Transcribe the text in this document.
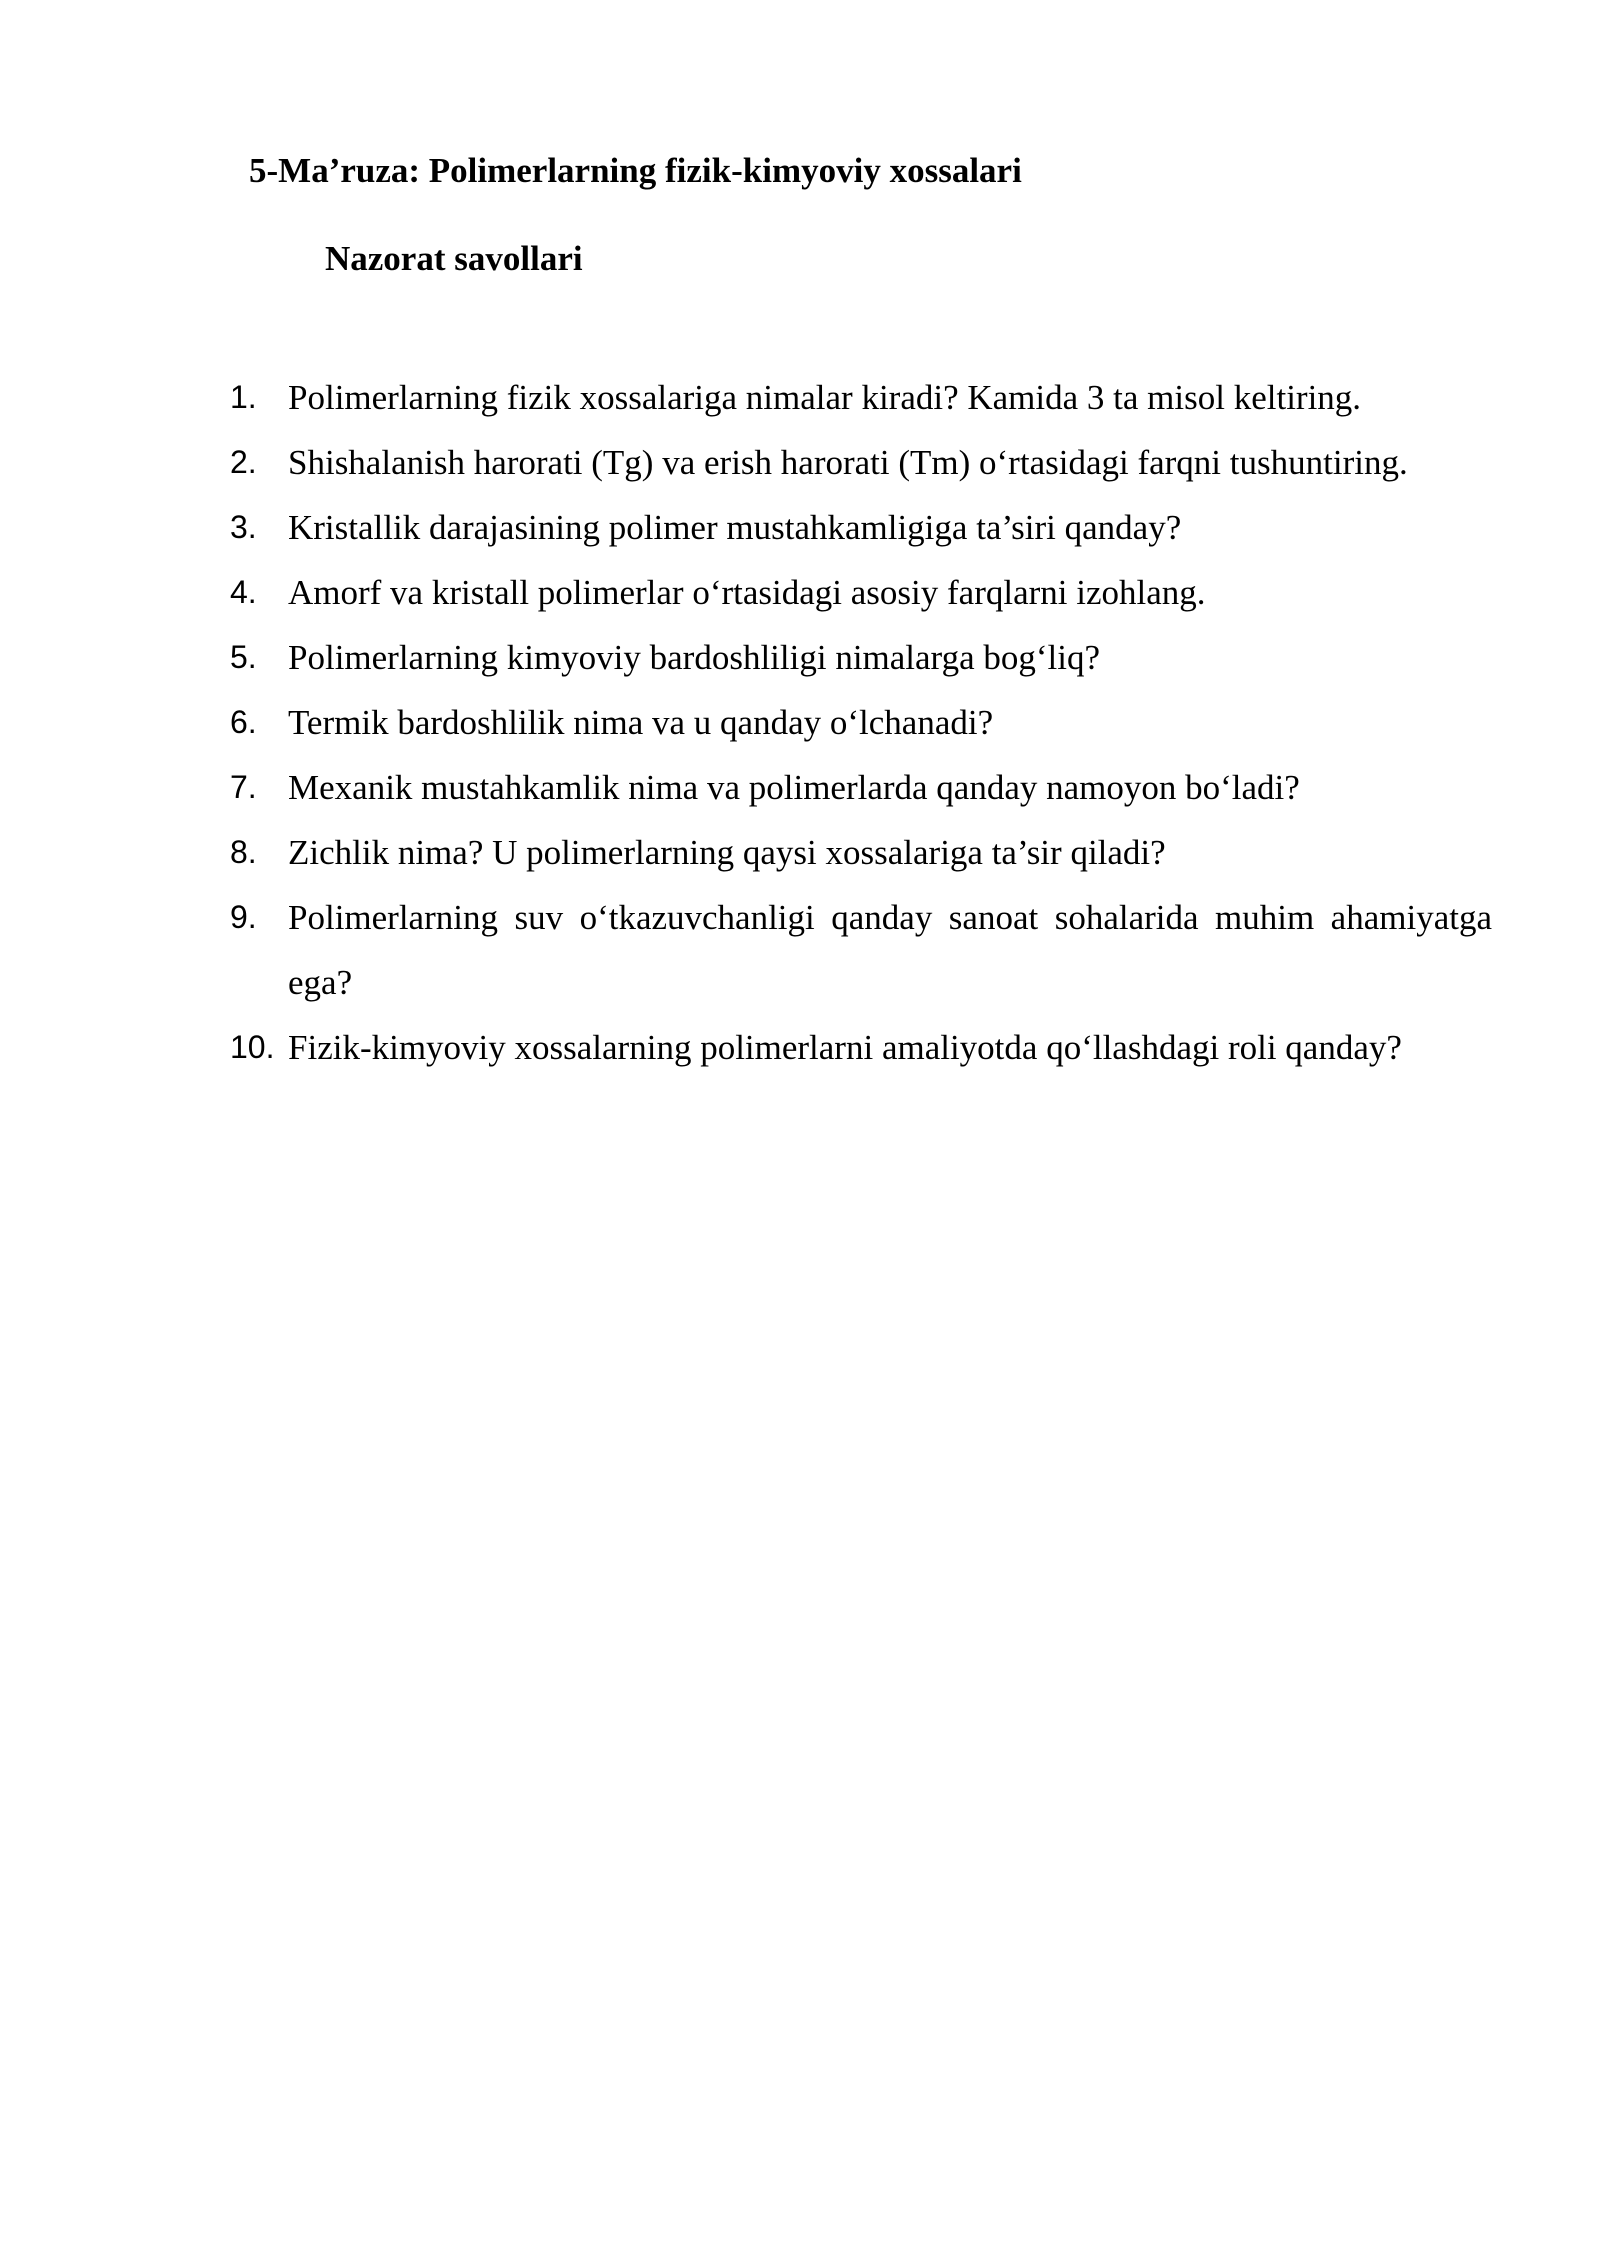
5-Ma’ruza: Polimerlarning fizik-kimyoviy xossalari
Nazorat savollari
1. Polimerlarning fizik xossalariga nimalar kiradi? Kamida 3 ta misol keltiring.
2. Shishalanish harorati (Tg) va erish harorati (Tm) o‘rtasidagi farqni tushuntiring.
3. Kristallik darajasining polimer mustahkamligiga ta’siri qanday?
4. Amorf va kristall polimerlar o‘rtasidagi asosiy farqlarni izohlang.
5. Polimerlarning kimyoviy bardoshliligi nimalarga bog‘liq?
6. Termik bardoshlilik nima va u qanday o‘lchanadi?
7. Mexanik mustahkamlik nima va polimerlarda qanday namoyon bo‘ladi?
8. Zichlik nima? U polimerlarning qaysi xossalariga ta’sir qiladi?
9. Polimerlarning suv o‘tkazuvchanligi qanday sanoat sohalarida muhim ahamiyatga ega?
10. Fizik-kimyoviy xossalarning polimerlarni amaliyotda qo‘llashdagi roli qanday?
